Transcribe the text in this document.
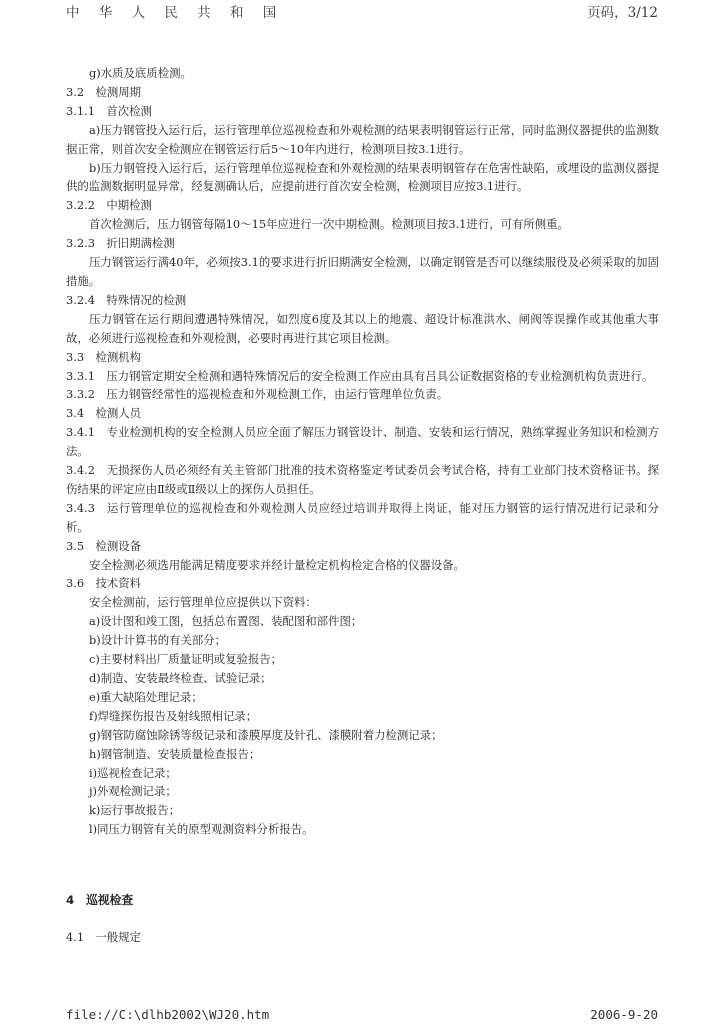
中 华 人 民 共 和 国	页码，3/12

g)水质及底质检测。

3.2　检测周期

3.1.1　首次检测

a)压力钢管投入运行后，运行管理单位巡视检查和外观检测的结果表明钢管运行正常，同时监测仪器提供的监测数据正常，则首次安全检测应在钢管运行后5～10年内进行，检测项目按3.1进行。

b)压力钢管投入运行后，运行管理单位巡视检查和外观检测的结果表明钢管存在危害性缺陷，或埋设的监测仪器提供的监测数据明显异常，经复测确认后，应提前进行首次安全检测，检测项目应按3.1进行。

3.2.2　中期检测

首次检测后，压力钢管每隔10～15年应进行一次中期检测。检测项目按3.1进行，可有所侧重。

3.2.3　折旧期满检测

压力钢管运行满40年，必须按3.1的要求进行折旧期满安全检测，以确定钢管是否可以继续服役及必须采取的加固措施。

3.2.4　特殊情况的检测

压力钢管在运行期间遭遇特殊情况，如烈度6度及其以上的地震、超设计标准洪水、闸阀等误操作或其他重大事故，必须进行巡视检查和外观检测，必要时再进行其它项目检测。

3.3　检测机构

3.3.1　压力钢管定期安全检测和遇特殊情况后的安全检测工作应由具有吕具公证数据资格的专业检测机构负责进行。

3.3.2　压力钢管经常性的巡视检查和外观检测工作，由运行管理单位负责。

3.4　检测人员

3.4.1　专业检测机构的安全检测人员应全面了解压力钢管设计、制造、安装和运行情况，熟练掌握业务知识和检测方法。

3.4.2　无损探伤人员必须经有关主管部门批准的技术资格鉴定考试委员会考试合格，持有工业部门技术资格证书。探伤结果的评定应由Ⅱ级或Ⅱ级以上的探伤人员担任。

3.4.3　运行管理单位的巡视检查和外观检测人员应经过培训并取得上岗证，能对压力钢管的运行情况进行记录和分析。

3.5　检测设备

安全检测必须选用能满足精度要求并经计量检定机构检定合格的仪器设备。

3.6　技术资料

安全检测前，运行管理单位应提供以下资料：

a)设计图和竣工图，包括总布置图、装配图和部件图；

b)设计计算书的有关部分；

c)主要材料出厂质量证明或复验报告；

d)制造、安装最终检查、试验记录；

e)重大缺陷处理记录；

f)焊缝探伤报告及射线照相记录；

g)钢管防腐蚀除锈等级记录和漆膜厚度及针孔、漆膜附着力检测记录；

h)钢管制造、安装质量检查报告；

i)巡视检查记录；

j)外观检测记录；

k)运行事故报告；

l)同压力钢管有关的原型观测资料分析报告。

4　巡视检查
4.1　一般规定
file://C:\dlhb2002\WJ20.htm	2006-9-20
